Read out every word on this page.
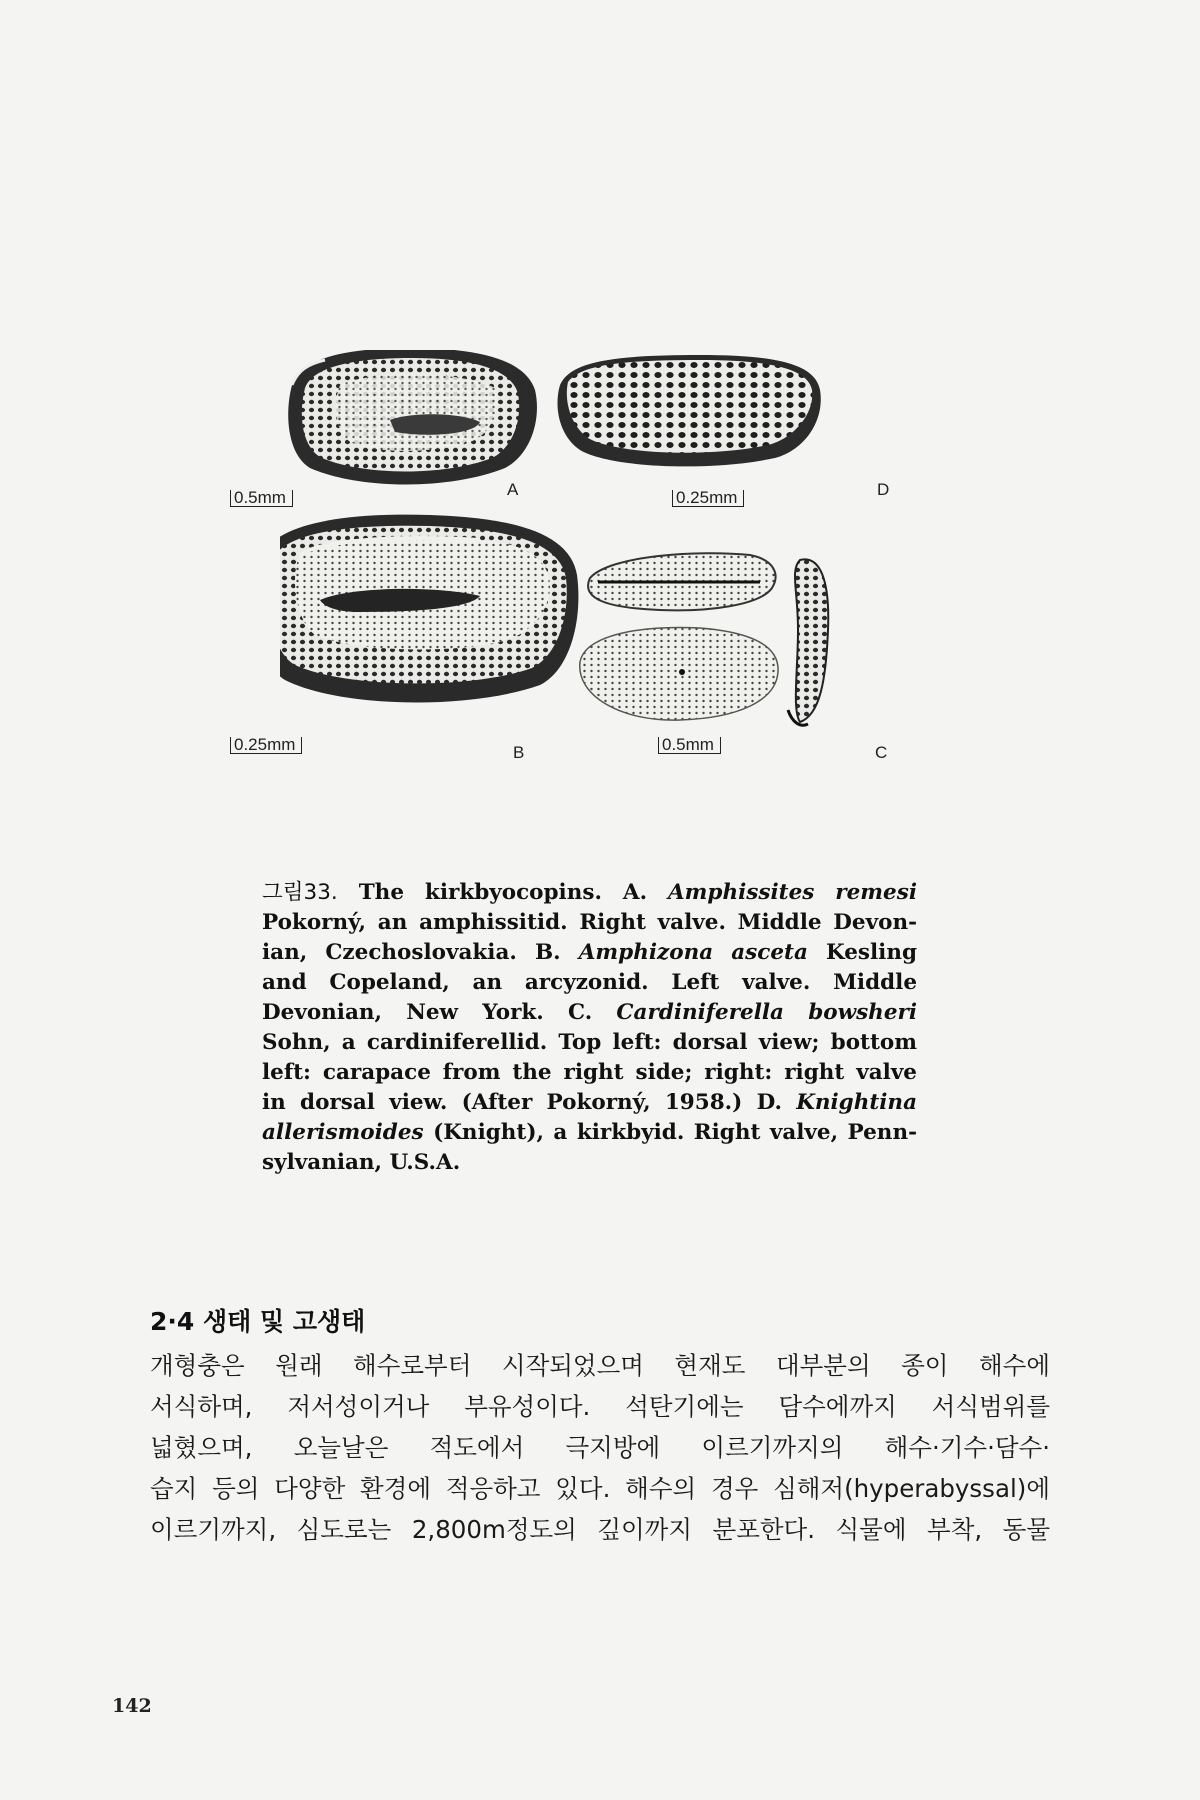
0.5mm	A	0.25mm	D
0.25mm	B	0.5mm	C
그림33. The kirkbyocopins. A. Amphissites remesi
Pokorný, an amphissitid. Right valve. Middle Devon-
ian, Czechoslovakia. B. Amphizona asceta Kesling
and Copeland, an arcyzonid. Left valve. Middle
Devonian, New York. C. Cardiniferella bowsheri
Sohn, a cardiniferellid. Top left: dorsal view; bottom
left: carapace from the right side; right: right valve
in dorsal view. (After Pokorný, 1958.) D. Knightina
allerismoides (Knight), a kirkbyid. Right valve, Penn-
sylvanian, U.S.A.
2·4 생태 및 고생태
개형충은 원래 해수로부터 시작되었으며 현재도 대부분의 종이 해수에
서식하며, 저서성이거나 부유성이다. 석탄기에는 담수에까지 서식범위를
넓혔으며, 오늘날은 적도에서 극지방에 이르기까지의 해수·기수·담수·
습지 등의 다양한 환경에 적응하고 있다. 해수의 경우 심해저(hyperabyssal)에
이르기까지, 심도로는 2,800m정도의 깊이까지 분포한다. 식물에 부착, 동물
142
